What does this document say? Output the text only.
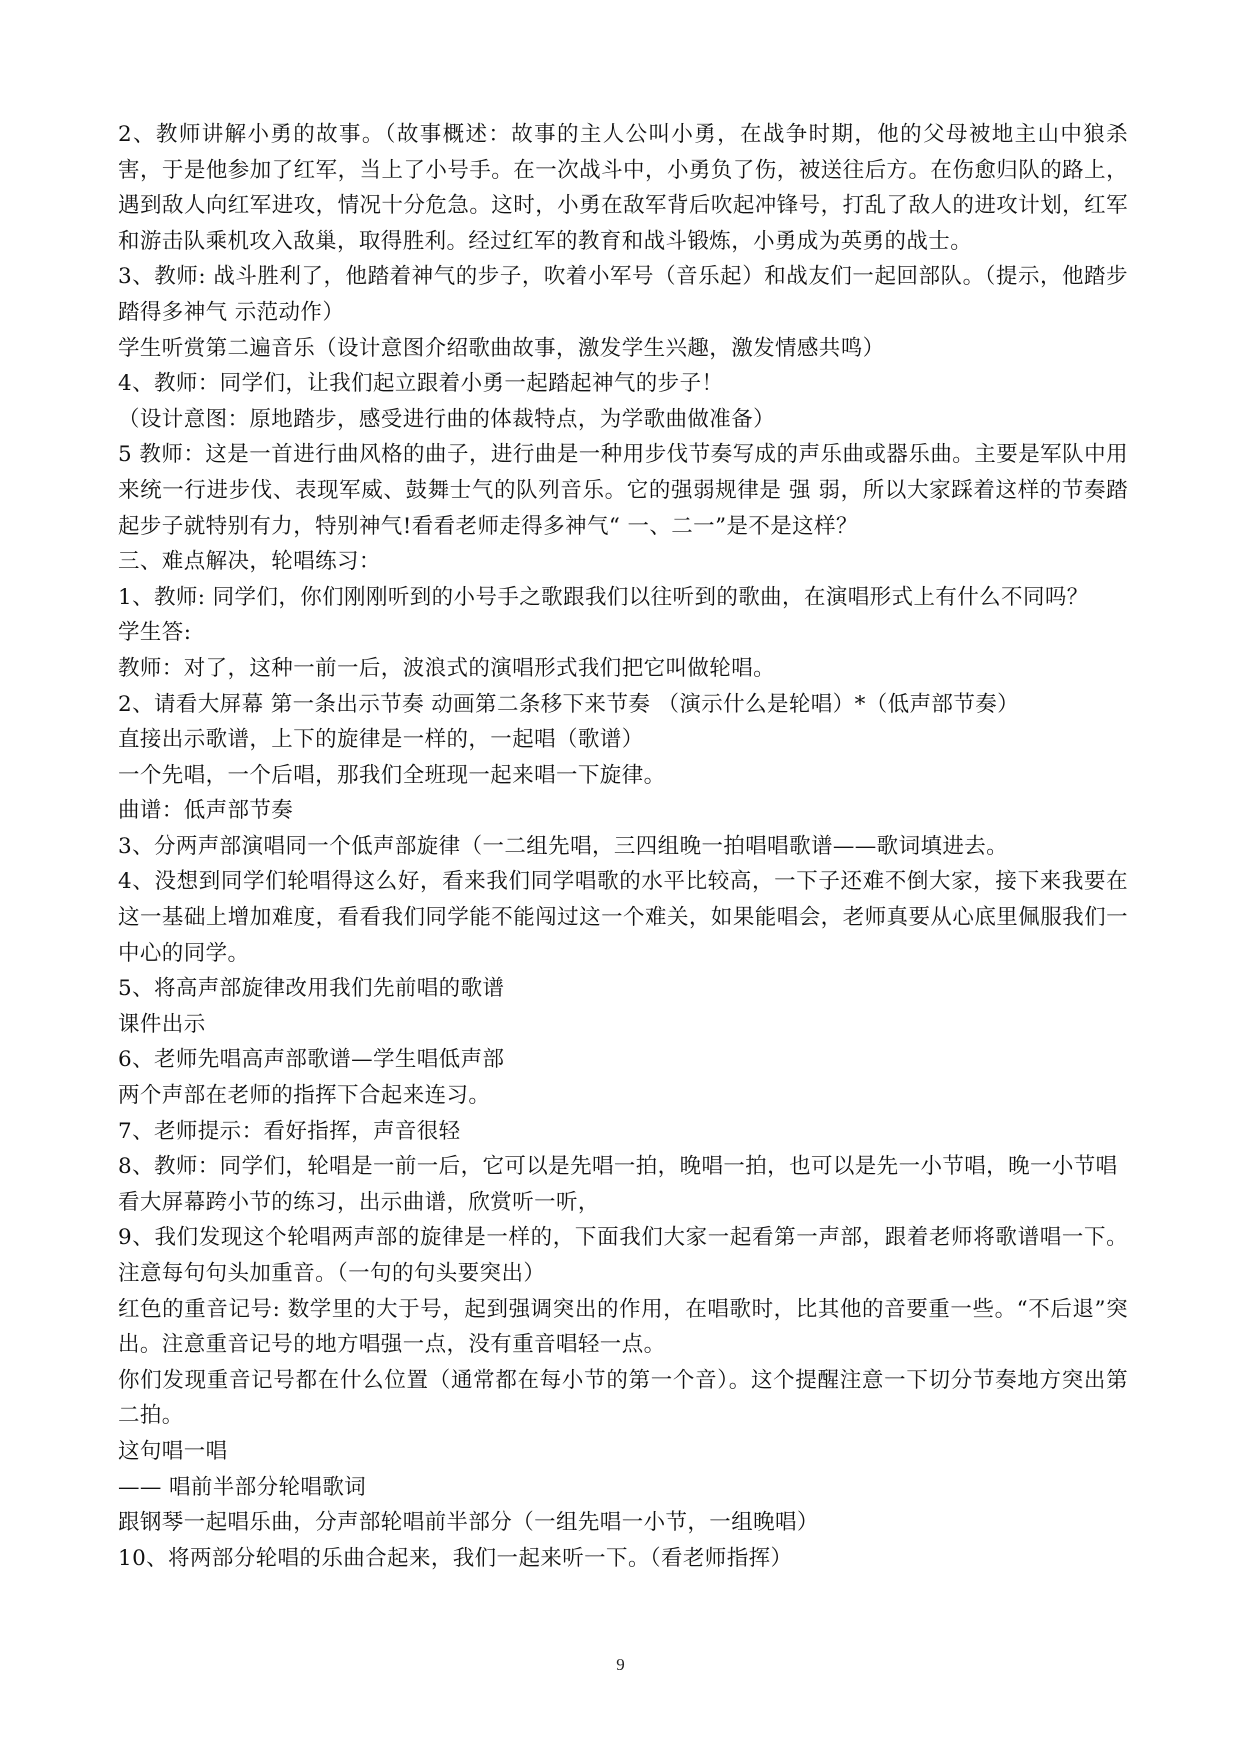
2、教师讲解小勇的故事。（故事概述：故事的主人公叫小勇，在战争时期，他的父母被地主山中狼杀害，于是他参加了红军，当上了小号手。在一次战斗中，小勇负了伤，被送往后方。在伤愈归队的路上，遇到敌人向红军进攻，情况十分危急。这时，小勇在敌军背后吹起冲锋号，打乱了敌人的进攻计划，红军和游击队乘机攻入敌巢，取得胜利。经过红军的教育和战斗锻炼，小勇成为英勇的战士。

3、教师: 战斗胜利了，他踏着神气的步子，吹着小军号（音乐起）和战友们一起回部队。（提示，他踏步踏得多神气 示范动作）

学生听赏第二遍音乐（设计意图介绍歌曲故事，激发学生兴趣，激发情感共鸣）

4、教师：同学们，让我们起立跟着小勇一起踏起神气的步子！

（设计意图：原地踏步，感受进行曲的体裁特点，为学歌曲做准备）

5 教师：这是一首进行曲风格的曲子，进行曲是一种用步伐节奏写成的声乐曲或器乐曲。主要是军队中用来统一行进步伐、表现军威、鼓舞士气的队列音乐。它的强弱规律是 强 弱，所以大家踩着这样的节奏踏起步子就特别有力，特别神气!看看老师走得多神气“ 一、二一”是不是这样？

三、难点解决，轮唱练习：

1、教师: 同学们，你们刚刚听到的小号手之歌跟我们以往听到的歌曲，在演唱形式上有什么不同吗？

学生答:

教师：对了，这种一前一后，波浪式的演唱形式我们把它叫做轮唱。

2、请看大屏幕 第一条出示节奏 动画第二条移下来节奏 （演示什么是轮唱）*（低声部节奏）

直接出示歌谱，上下的旋律是一样的，一起唱（歌谱）

一个先唱，一个后唱，那我们全班现一起来唱一下旋律。

曲谱：低声部节奏

3、分两声部演唱同一个低声部旋律（一二组先唱，三四组晚一拍唱唱歌谱——歌词填进去。

4、没想到同学们轮唱得这么好，看来我们同学唱歌的水平比较高，一下子还难不倒大家，接下来我要在这一基础上增加难度，看看我们同学能不能闯过这一个难关，如果能唱会，老师真要从心底里佩服我们一中心的同学。

5、将高声部旋律改用我们先前唱的歌谱

课件出示

6、老师先唱高声部歌谱—学生唱低声部

两个声部在老师的指挥下合起来连习。

7、老师提示：看好指挥，声音很轻

8、教师：同学们，轮唱是一前一后，它可以是先唱一拍，晚唱一拍，也可以是先一小节唱，晚一小节唱

看大屏幕跨小节的练习，出示曲谱，欣赏听一听，

9、我们发现这个轮唱两声部的旋律是一样的，下面我们大家一起看第一声部，跟着老师将歌谱唱一下。注意每句句头加重音。（一句的句头要突出）

红色的重音记号: 数学里的大于号，起到强调突出的作用，在唱歌时，比其他的音要重一些。“不后退”突出。注意重音记号的地方唱强一点，没有重音唱轻一点。

你们发现重音记号都在什么位置（通常都在每小节的第一个音）。这个提醒注意一下切分节奏地方突出第二拍。

这句唱一唱

—— 唱前半部分轮唱歌词

跟钢琴一起唱乐曲，分声部轮唱前半部分（一组先唱一小节，一组晚唱）

10、将两部分轮唱的乐曲合起来，我们一起来听一下。（看老师指挥）

9
